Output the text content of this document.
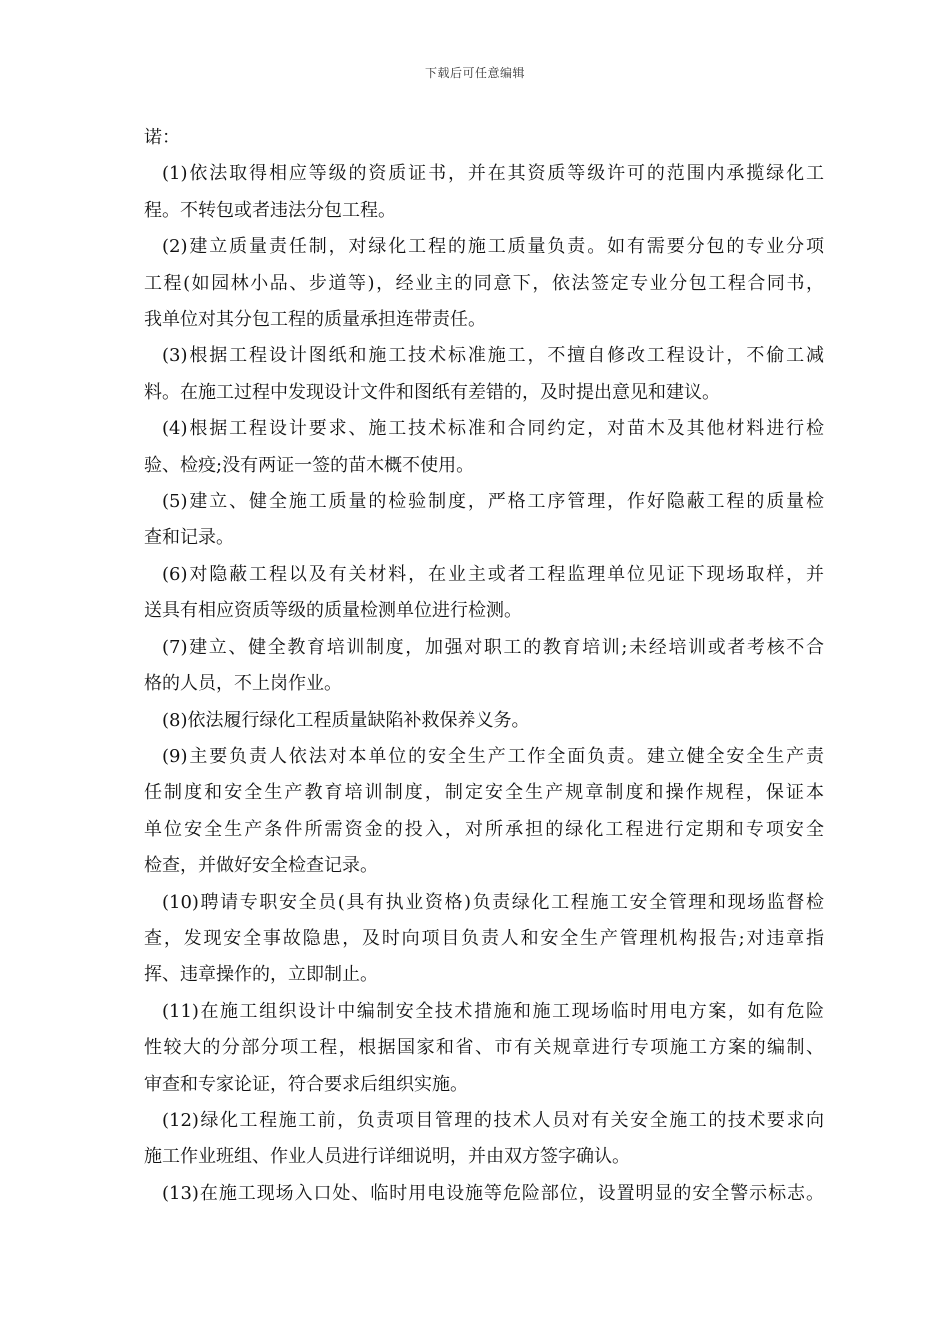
下载后可任意编辑
诺：
(1)依法取得相应等级的资质证书，并在其资质等级许可的范围内承揽绿化工
程。不转包或者违法分包工程。
(2)建立质量责任制，对绿化工程的施工质量负责。如有需要分包的专业分项
工程(如园林小品、步道等)，经业主的同意下，依法签定专业分包工程合同书，
我单位对其分包工程的质量承担连带责任。
(3)根据工程设计图纸和施工技术标准施工，不擅自修改工程设计，不偷工减
料。在施工过程中发现设计文件和图纸有差错的，及时提出意见和建议。
(4)根据工程设计要求、施工技术标准和合同约定，对苗木及其他材料进行检
验、检疫;没有两证一签的苗木概不使用。
(5)建立、健全施工质量的检验制度，严格工序管理，作好隐蔽工程的质量检
查和记录。
(6)对隐蔽工程以及有关材料，在业主或者工程监理单位见证下现场取样，并
送具有相应资质等级的质量检测单位进行检测。
(7)建立、健全教育培训制度，加强对职工的教育培训;未经培训或者考核不合
格的人员，不上岗作业。
(8)依法履行绿化工程质量缺陷补救保养义务。
(9)主要负责人依法对本单位的安全生产工作全面负责。建立健全安全生产责
任制度和安全生产教育培训制度，制定安全生产规章制度和操作规程，保证本
单位安全生产条件所需资金的投入，对所承担的绿化工程进行定期和专项安全
检查，并做好安全检查记录。
(10)聘请专职安全员(具有执业资格)负责绿化工程施工安全管理和现场监督检
查，发现安全事故隐患，及时向项目负责人和安全生产管理机构报告;对违章指
挥、违章操作的，立即制止。
(11)在施工组织设计中编制安全技术措施和施工现场临时用电方案，如有危险
性较大的分部分项工程，根据国家和省、市有关规章进行专项施工方案的编制、
审查和专家论证，符合要求后组织实施。
(12)绿化工程施工前，负责项目管理的技术人员对有关安全施工的技术要求向
施工作业班组、作业人员进行详细说明，并由双方签字确认。
(13)在施工现场入口处、临时用电设施等危险部位，设置明显的安全警示标志。
